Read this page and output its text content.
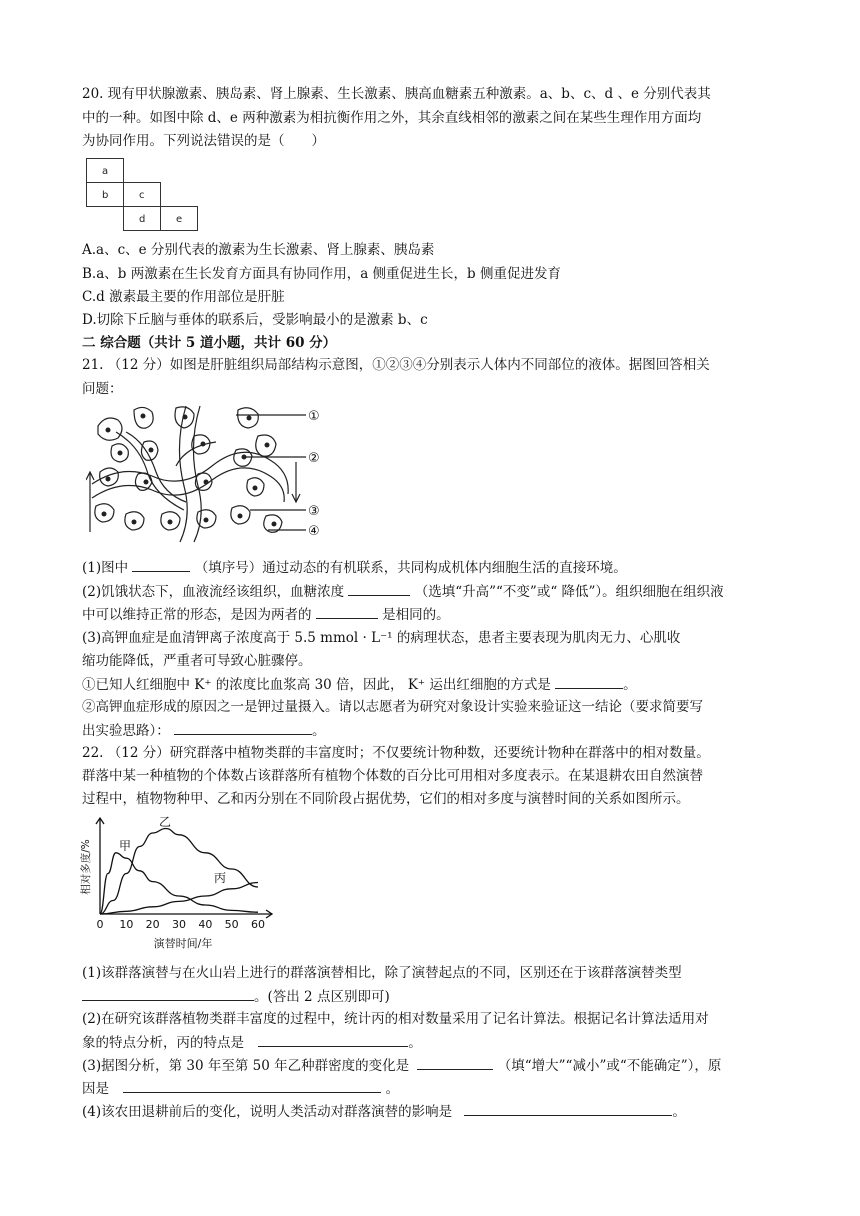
20. 现有甲状腺激素、胰岛素、肾上腺素、生长激素、胰高血糖素五种激素。a、b、c、d 、e 分别代表其
中的一种。如图中除 d、e 两种激素为相抗衡作用之外，其余直线相邻的激素之间在某些生理作用方面均
为协同作用。下列说法错误的是（　　）
a
b	c
d	e
A.a、c、e 分别代表的激素为生长激素、肾上腺素、胰岛素
B.a、b 两激素在生长发育方面具有协同作用，a 侧重促进生长，b 侧重促进发育
C.d 激素最主要的作用部位是肝脏
D.切除下丘脑与垂体的联系后，受影响最小的是激素 b、c
二 综合题（共计 5 道小题，共计 60 分）
21. （12 分）如图是肝脏组织局部结构示意图，①②③④分别表示人体内不同部位的液体。据图回答相关
问题：
①
②
③
④
(1)图中	（填序号）通过动态的有机联系，共同构成机体内细胞生活的直接环境。
(2)饥饿状态下，血液流经该组织，血糖浓度	（选填“升高”“不变”或“ 降低”）。组织细胞在组织液
中可以维持正常的形态，是因为两者的	是相同的。
(3)高钾血症是血清钾离子浓度高于 5.5 mmol · L⁻¹ 的病理状态，患者主要表现为肌肉无力、心肌收
缩功能降低，严重者可导致心脏骤停。
①已知人红细胞中 K⁺ 的浓度比血浆高 30 倍，因此， K⁺ 运出红细胞的方式是	。
②高钾血症形成的原因之一是钾过量摄入。请以志愿者为研究对象设计实验来验证这一结论（要求简要写
出实验思路）：	。
22. （12 分）研究群落中植物类群的丰富度时；不仅要统计物种数，还要统计物种在群落中的相对数量。
群落中某一种植物的个体数占该群落所有植物个体数的百分比可用相对多度表示。在某退耕农田自然演替
过程中，植物物种甲、乙和丙分别在不同阶段占据优势，它们的相对多度与演替时间的关系如图所示。
0 10 20 30 40 50 60
相对多度/%
演替时间/年
甲
乙
丙
(1)该群落演替与在火山岩上进行的群落演替相比，除了演替起点的不同，区别还在于该群落演替类型
。(答出 2 点区别即可)
(2)在研究该群落植物类群丰富度的过程中，统计丙的相对数量采用了记名计算法。根据记名计算法适用对
象的特点分析，丙的特点是	。
(3)据图分析，第 30 年至第 50 年乙种群密度的变化是	（填“增大”“减小”或“不能确定”），原
因是	。
(4)该农田退耕前后的变化，说明人类活动对群落演替的影响是	。
